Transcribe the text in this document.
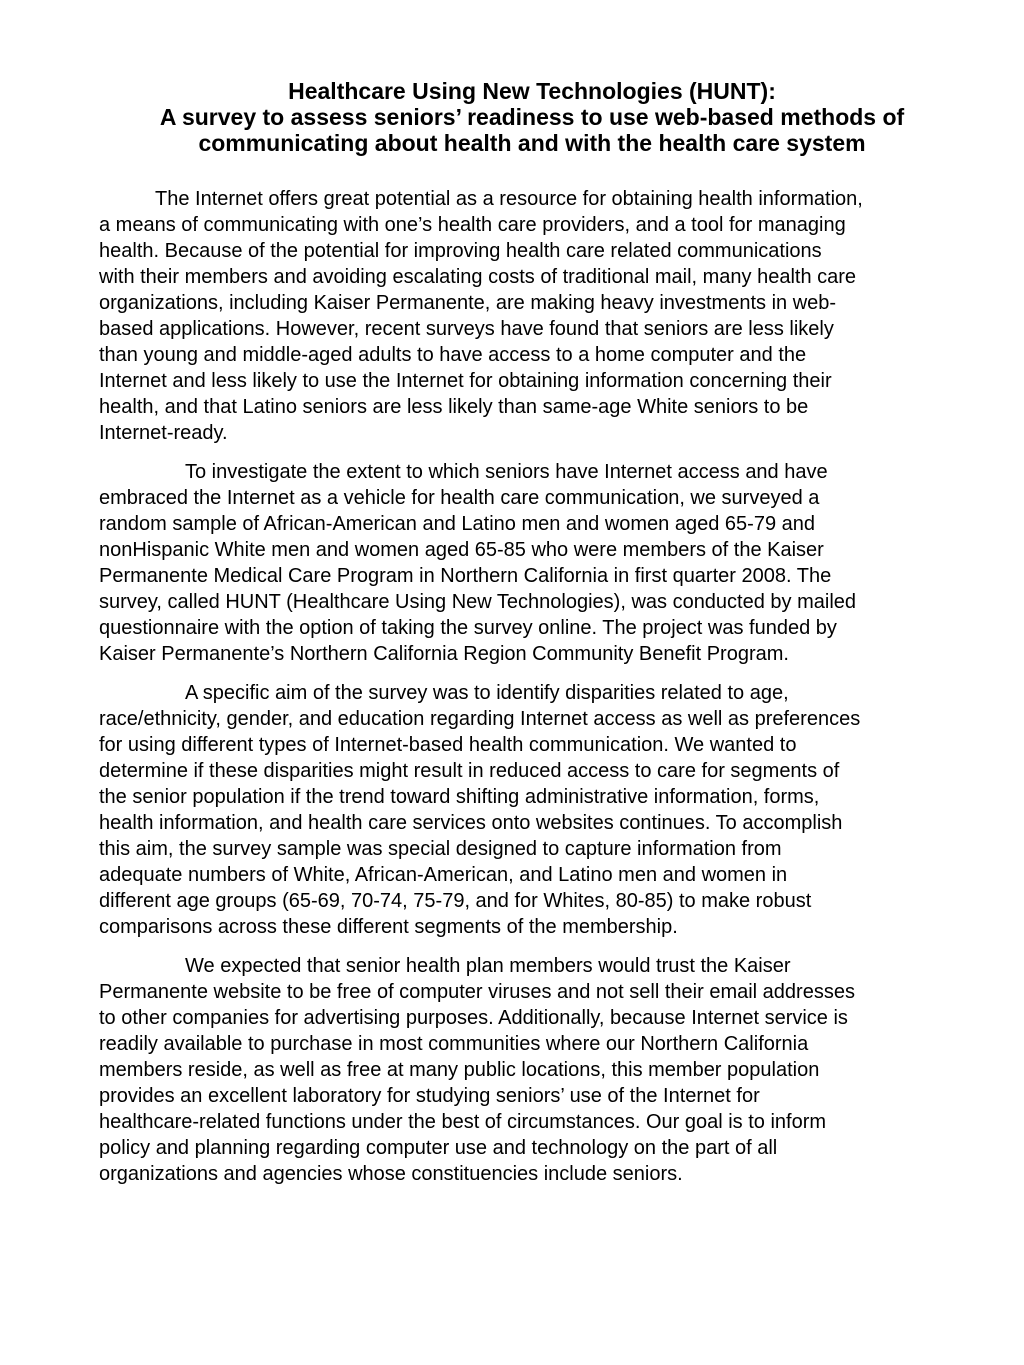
Healthcare Using New Technologies (HUNT):
A survey to assess seniors’ readiness to use web-based methods of
communicating about health and with the health care system

The Internet offers great potential as a resource for obtaining health information,
a means of communicating with one’s health care providers, and a tool for managing
health. Because of the potential for improving health care related communications
with their members and avoiding escalating costs of traditional mail, many health care
organizations, including Kaiser Permanente, are making heavy investments in web-
based applications. However, recent surveys have found that seniors are less likely
than young and middle-aged adults to have access to a home computer and the
Internet and less likely to use the Internet for obtaining information concerning their
health, and that Latino seniors are less likely than same-age White seniors to be
Internet-ready.

To investigate the extent to which seniors have Internet access and have
embraced the Internet as a vehicle for health care communication, we surveyed a
random sample of African-American and Latino men and women aged 65-79 and
nonHispanic White men and women aged 65-85 who were members of the Kaiser
Permanente Medical Care Program in Northern California in first quarter 2008. The
survey, called HUNT (Healthcare Using New Technologies), was conducted by mailed
questionnaire with the option of taking the survey online. The project was funded by
Kaiser Permanente’s Northern California Region Community Benefit Program.

A specific aim of the survey was to identify disparities related to age,
race/ethnicity, gender, and education regarding Internet access as well as preferences
for using different types of Internet-based health communication. We wanted to
determine if these disparities might result in reduced access to care for segments of
the senior population if the trend toward shifting administrative information, forms,
health information, and health care services onto websites continues. To accomplish
this aim, the survey sample was special designed to capture information from
adequate numbers of White, African-American, and Latino men and women in
different age groups (65-69, 70-74, 75-79, and for Whites, 80-85) to make robust
comparisons across these different segments of the membership.

We expected that senior health plan members would trust the Kaiser
Permanente website to be free of computer viruses and not sell their email addresses
to other companies for advertising purposes. Additionally, because Internet service is
readily available to purchase in most communities where our Northern California
members reside, as well as free at many public locations, this member population
provides an excellent laboratory for studying seniors’ use of the Internet for
healthcare-related functions under the best of circumstances. Our goal is to inform
policy and planning regarding computer use and technology on the part of all
organizations and agencies whose constituencies include seniors.
